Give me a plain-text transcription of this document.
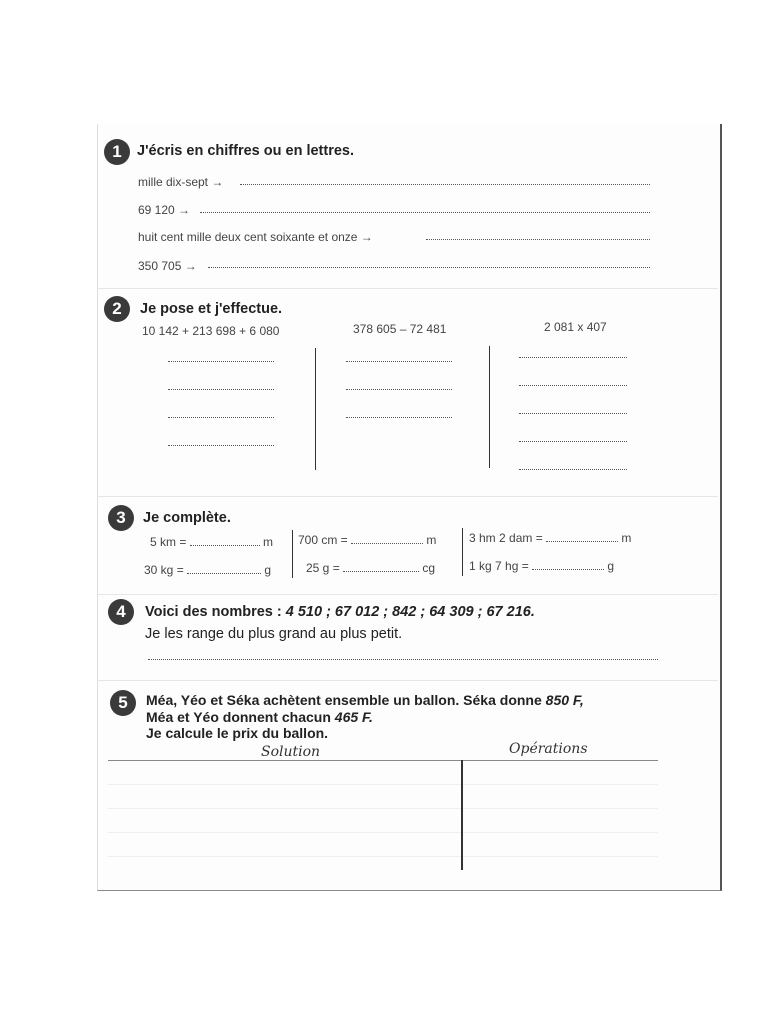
1	J'écris en chiffres ou en lettres.
mille dix-sept →
69 120 →
huit cent mille deux cent soixante et onze →
350 705 →
2	Je pose et j'effectue.
10 142 + 213 698 + 6 080	378 605 – 72 481	2 081 x 407
3	Je complète.
5 km =	m 700 cm =	m	3 hm 2 dam =	m
30 kg =	g	25 g =	cg	1 kg 7 hg =	g
4	Voici des nombres : 4 510 ; 67 012 ; 842 ; 64 309 ; 67 216.
Je les range du plus grand au plus petit.
5	Méa, Yéo et Séka achètent ensemble un ballon. Séka donne 850 F,
Méa et Yéo donnent chacun 465 F.
Je calcule le prix du ballon.
Solution	Opérations
